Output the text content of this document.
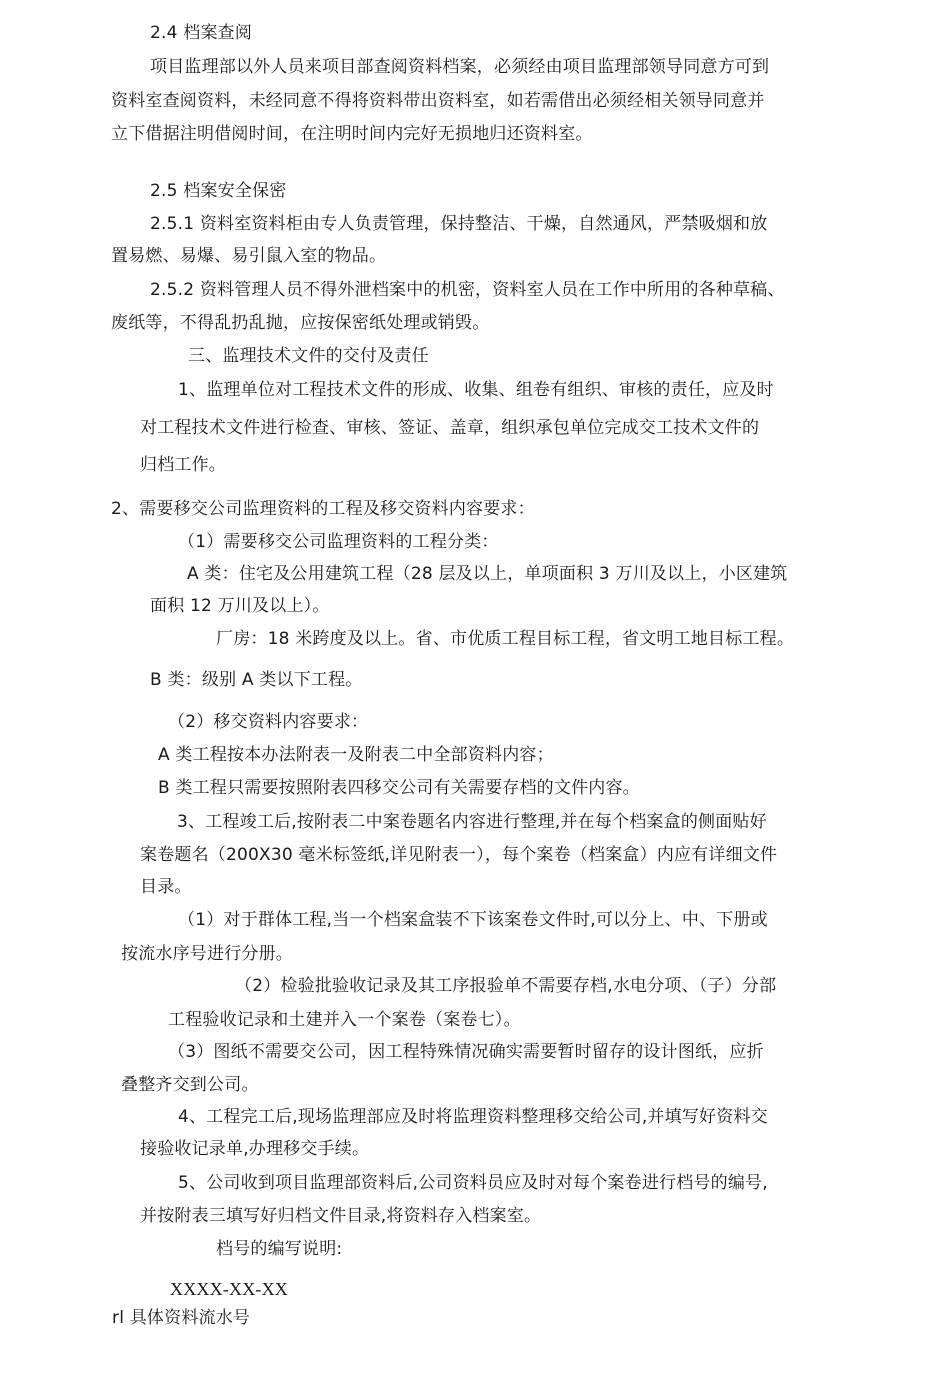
2.4 档案查阅
项目监理部以外人员来项目部查阅资料档案，必须经由项目监理部领导同意方可到
资料室查阅资料，未经同意不得将资料带出资料室，如若需借出必须经相关领导同意并
立下借据注明借阅时间，在注明时间内完好无损地归还资料室。
2.5 档案安全保密
2.5.1 资料室资料柜由专人负责管理，保持整洁、干燥，自然通风，严禁吸烟和放
置易燃、易爆、易引鼠入室的物品。
2.5.2 资料管理人员不得外泄档案中的机密，资料室人员在工作中所用的各种草稿、
废纸等，不得乱扔乱抛，应按保密纸处理或销毁。
三、监理技术文件的交付及责任
1、监理单位对工程技术文件的形成、收集、组卷有组织、审核的责任，应及时
对工程技术文件进行检查、审核、签证、盖章，组织承包单位完成交工技术文件的
归档工作。
2、需要移交公司监理资料的工程及移交资料内容要求：
（1）需要移交公司监理资料的工程分类：
A 类：住宅及公用建筑工程（28 层及以上，单项面积 3 万川及以上，小区建筑
面积 12 万川及以上）。
厂房：18 米跨度及以上。省、市优质工程目标工程，省文明工地目标工程。
B 类：级别 A 类以下工程。
（2）移交资料内容要求：
A 类工程按本办法附表一及附表二中全部资料内容；
B 类工程只需要按照附表四移交公司有关需要存档的文件内容。
3、工程竣工后,按附表二中案卷题名内容进行整理,并在每个档案盒的侧面贴好
案卷题名（200X30 毫米标签纸,详见附表一），每个案卷（档案盒）内应有详细文件
目录。
（1）对于群体工程,当一个档案盒装不下该案卷文件时,可以分上、中、下册或
按流水序号进行分册。
（2）检验批验收记录及其工序报验单不需要存档,水电分项、（子）分部
工程验收记录和土建并入一个案卷（案卷七）。
（3）图纸不需要交公司，因工程特殊情况确实需要暂时留存的设计图纸，应折
叠整齐交到公司。
4、工程完工后,现场监理部应及时将监理资料整理移交给公司,并填写好资料交
接验收记录单,办理移交手续。
5、公司收到项目监理部资料后,公司资料员应及时对每个案卷进行档号的编号,
并按附表三填写好归档文件目录,将资料存入档案室。
档号的编写说明:
XXXX-XX-XX
rl 具体资料流水号
